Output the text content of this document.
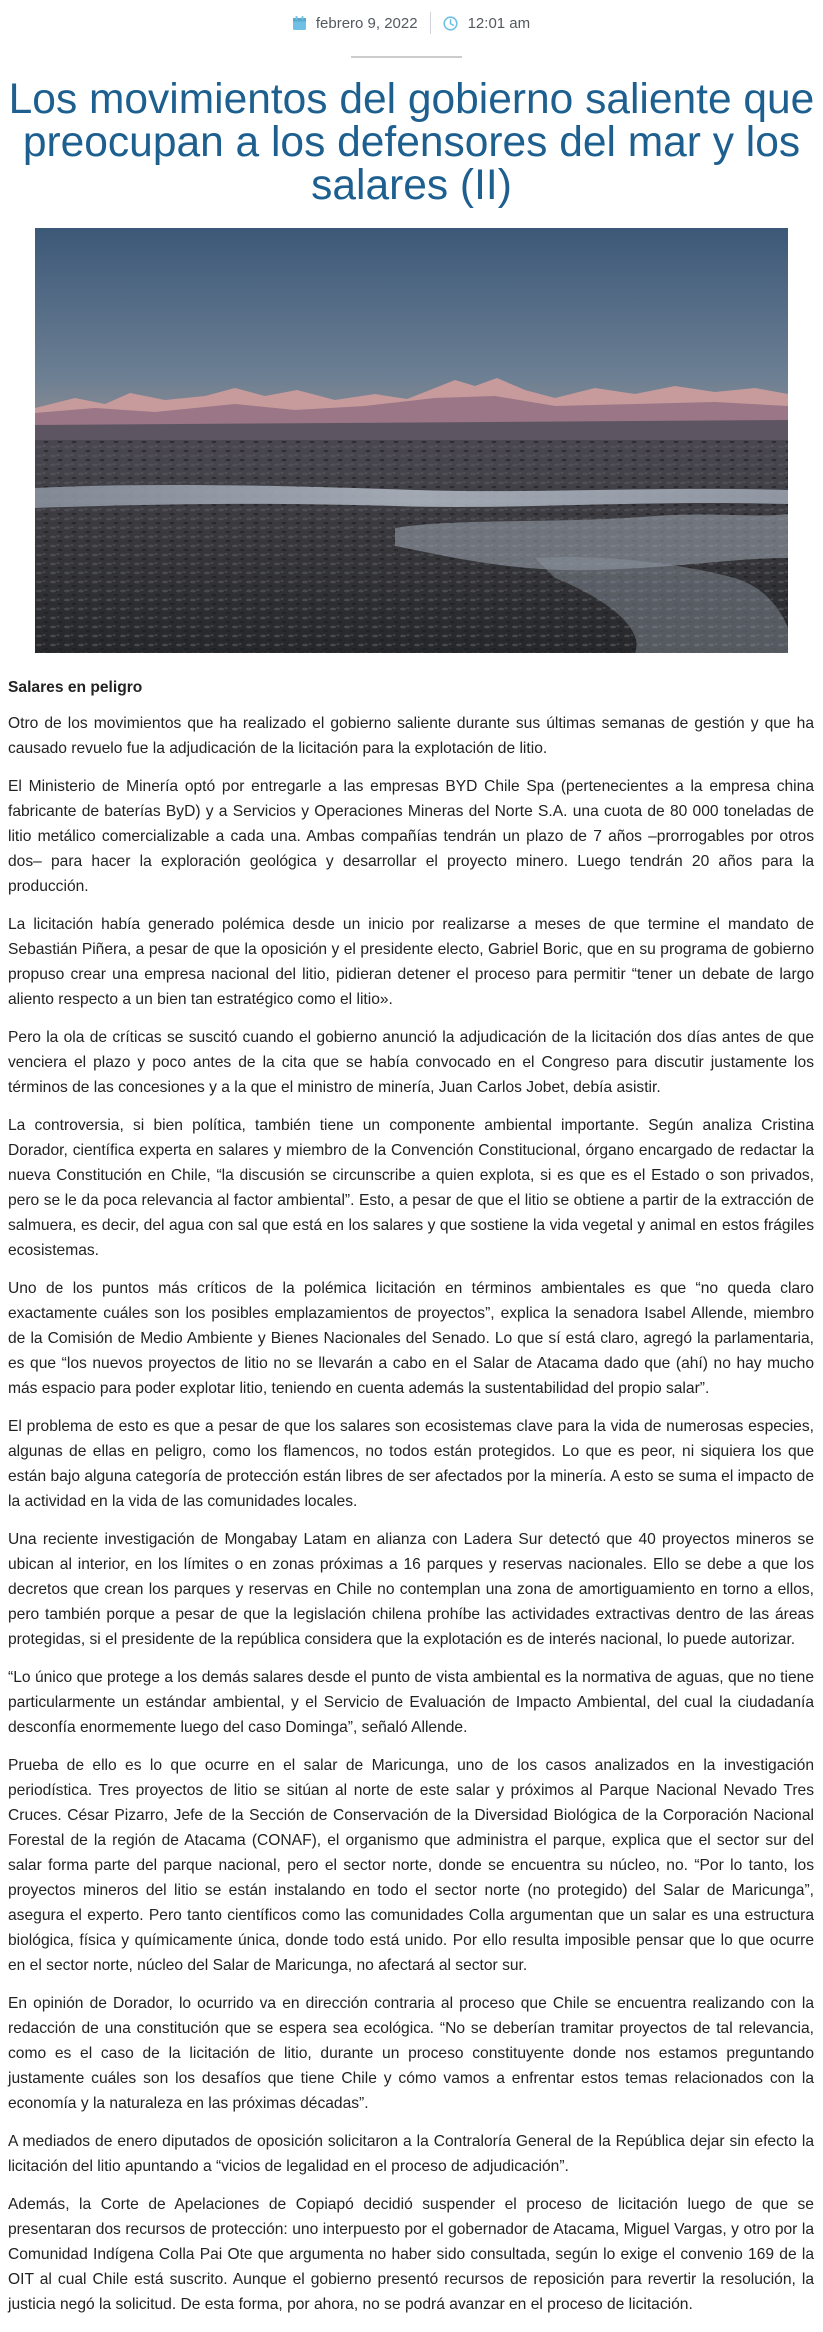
febrero 9, 2022	12:01 am
Los movimientos del gobierno saliente que preocupan a los defensores del mar y los salares (II)

Salares en peligro

Otro de los movimientos que ha realizado el gobierno saliente durante sus últimas semanas de gestión y que ha causado revuelo fue la adjudicación de la licitación para la explotación de litio.

El Ministerio de Minería optó por entregarle a las empresas BYD Chile Spa (pertenecientes a la empresa china fabricante de baterías ByD) y a Servicios y Operaciones Mineras del Norte S.A. una cuota de 80 000 toneladas de litio metálico comercializable a cada una. Ambas compañías tendrán un plazo de 7 años –prorrogables por otros dos– para hacer la exploración geológica y desarrollar el proyecto minero. Luego tendrán 20 años para la producción.

La licitación había generado polémica desde un inicio por realizarse a meses de que termine el mandato de Sebastián Piñera, a pesar de que la oposición y el presidente electo, Gabriel Boric, que en su programa de gobierno propuso crear una empresa nacional del litio, pidieran detener el proceso para permitir “tener un debate de largo aliento respecto a un bien tan estratégico como el litio».

Pero la ola de críticas se suscitó cuando el gobierno anunció la adjudicación de la licitación dos días antes de que venciera el plazo y poco antes de la cita que se había convocado en el Congreso para discutir justamente los términos de las concesiones y a la que el ministro de minería, Juan Carlos Jobet, debía asistir.

La controversia, si bien política, también tiene un componente ambiental importante. Según analiza Cristina Dorador, científica experta en salares y miembro de la Convención Constitucional, órgano encargado de redactar la nueva Constitución en Chile, “la discusión se circunscribe a quien explota, si es que es el Estado o son privados, pero se le da poca relevancia al factor ambiental”. Esto, a pesar de que el litio se obtiene a partir de la extracción de salmuera, es decir, del agua con sal que está en los salares y que sostiene la vida vegetal y animal en estos frágiles ecosistemas.

Uno de los puntos más críticos de la polémica licitación en términos ambientales es que “no queda claro exactamente cuáles son los posibles emplazamientos de proyectos”, explica la senadora Isabel Allende, miembro de la Comisión de Medio Ambiente y Bienes Nacionales del Senado. Lo que sí está claro, agregó la parlamentaria, es que “los nuevos proyectos de litio no se llevarán a cabo en el Salar de Atacama dado que (ahí) no hay mucho más espacio para poder explotar litio, teniendo en cuenta además la sustentabilidad del propio salar”.

El problema de esto es que a pesar de que los salares son ecosistemas clave para la vida de numerosas especies, algunas de ellas en peligro, como los flamencos, no todos están protegidos. Lo que es peor, ni siquiera los que están bajo alguna categoría de protección están libres de ser afectados por la minería. A esto se suma el impacto de la actividad en la vida de las comunidades locales.

Una reciente investigación de Mongabay Latam en alianza con Ladera Sur detectó que 40 proyectos mineros se ubican al interior, en los límites o en zonas próximas a 16 parques y reservas nacionales. Ello se debe a que los decretos que crean los parques y reservas en Chile no contemplan una zona de amortiguamiento en torno a ellos, pero también porque a pesar de que la legislación chilena prohíbe las actividades extractivas dentro de las áreas protegidas, si el presidente de la república considera que la explotación es de interés nacional, lo puede autorizar.

“Lo único que protege a los demás salares desde el punto de vista ambiental es la normativa de aguas, que no tiene particularmente un estándar ambiental, y el Servicio de Evaluación de Impacto Ambiental, del cual la ciudadanía desconfía enormemente luego del caso Dominga”, señaló Allende.

Prueba de ello es lo que ocurre en el salar de Maricunga, uno de los casos analizados en la investigación periodística. Tres proyectos de litio se sitúan al norte de este salar y próximos al Parque Nacional Nevado Tres Cruces. César Pizarro, Jefe de la Sección de Conservación de la Diversidad Biológica de la Corporación Nacional Forestal de la región de Atacama (CONAF), el organismo que administra el parque, explica que el sector sur del salar forma parte del parque nacional, pero el sector norte, donde se encuentra su núcleo, no. “Por lo tanto, los proyectos mineros del litio se están instalando en todo el sector norte (no protegido) del Salar de Maricunga”, asegura el experto. Pero tanto científicos como las comunidades Colla argumentan que un salar es una estructura biológica, física y químicamente única, donde todo está unido. Por ello resulta imposible pensar que lo que ocurre en el sector norte, núcleo del Salar de Maricunga, no afectará al sector sur.

En opinión de Dorador, lo ocurrido va en dirección contraria al proceso que Chile se encuentra realizando con la redacción de una constitución que se espera sea ecológica. “No se deberían tramitar proyectos de tal relevancia, como es el caso de la licitación de litio, durante un proceso constituyente donde nos estamos preguntando justamente cuáles son los desafíos que tiene Chile y cómo vamos a enfrentar estos temas relacionados con la economía y la naturaleza en las próximas décadas”.

A mediados de enero diputados de oposición solicitaron a la Contraloría General de la República dejar sin efecto la licitación del litio apuntando a “vicios de legalidad en el proceso de adjudicación”.

Además, la Corte de Apelaciones de Copiapó decidió suspender el proceso de licitación luego de que se presentaran dos recursos de protección: uno interpuesto por el gobernador de Atacama, Miguel Vargas, y otro por la Comunidad Indígena Colla Pai Ote que argumenta no haber sido consultada, según lo exige el convenio 169 de la OIT al cual Chile está suscrito. Aunque el gobierno presentó recursos de reposición para revertir la resolución, la justicia negó la solicitud. De esta forma, por ahora, no se podrá avanzar en el proceso de licitación.
